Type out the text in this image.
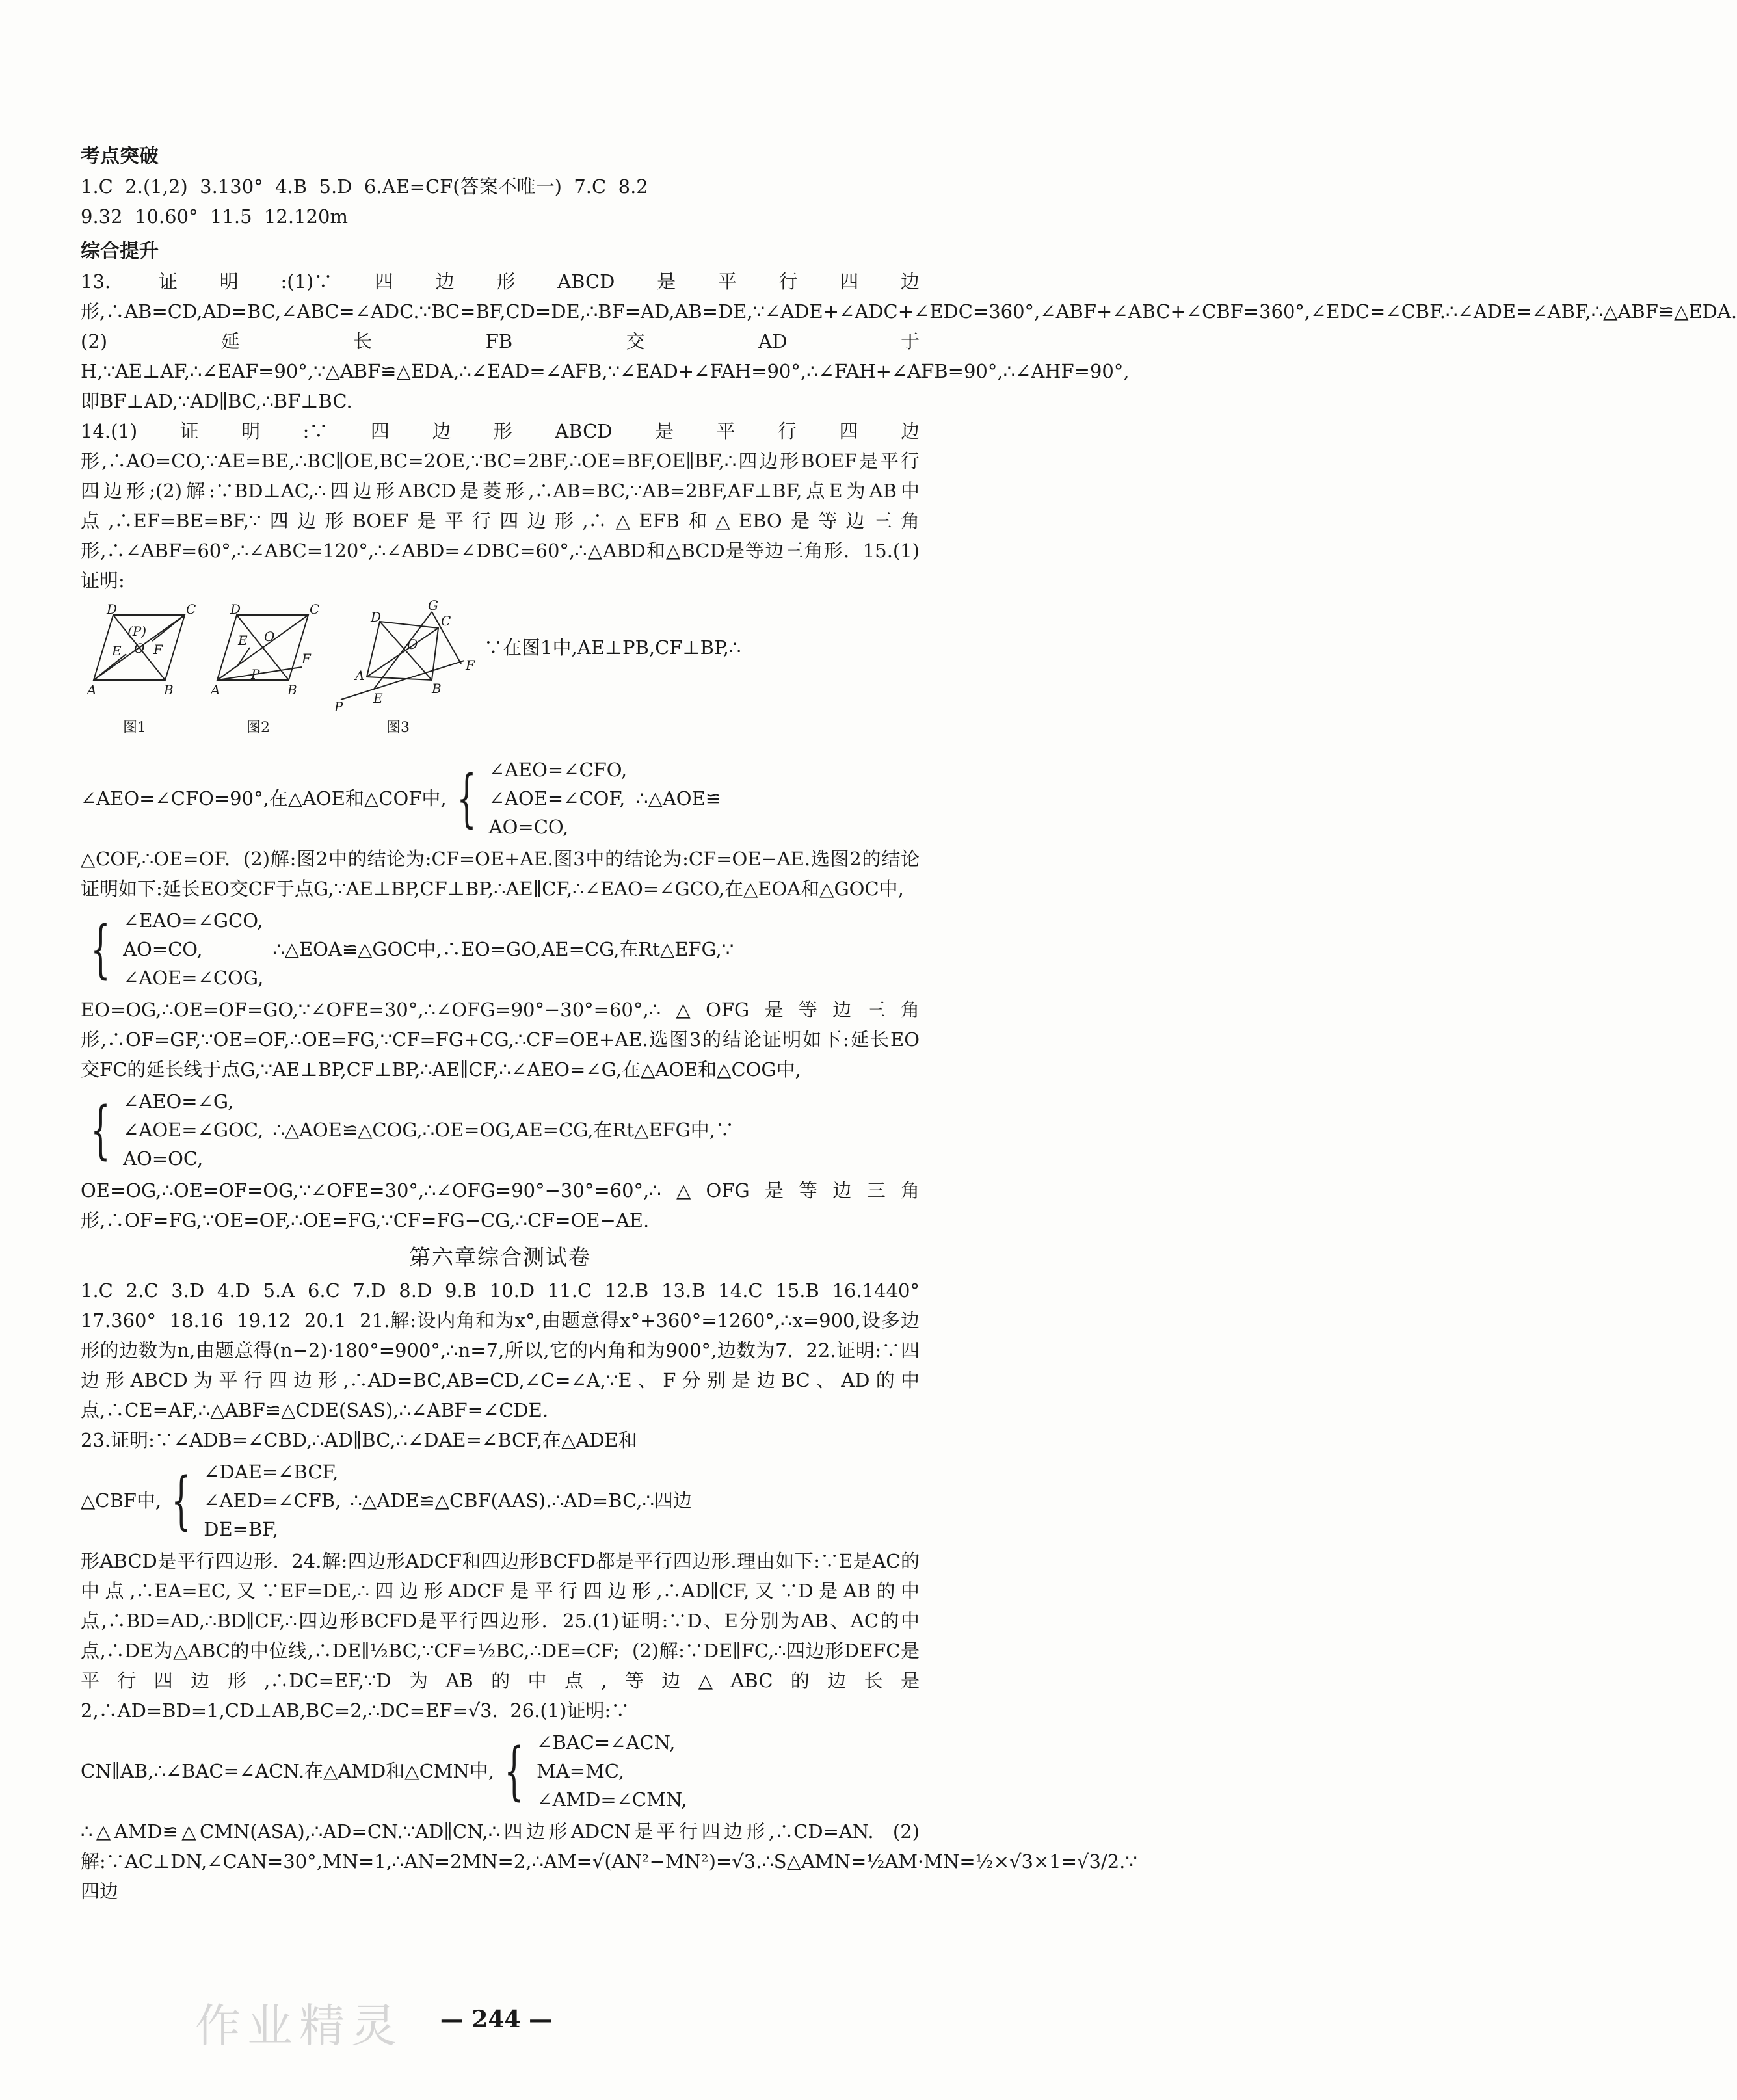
考点突破

1.C  2.(1,2)  3.130°  4.B  5.D  6.AE=CF(答案不唯一)  7.C  8.2

9.32  10.60°  11.5  12.120m

综合提升

13. 证明:(1)∵四边形ABCD是平行四边形,∴AB=CD,AD=BC,∠ABC=∠ADC.∵BC=BF,CD=DE,∴BF=AD,AB=DE,∵∠ADE+∠ADC+∠EDC=360°,∠ABF+∠ABC+∠CBF=360°,∠EDC=∠CBF.∴∠ADE=∠ABF,∴△ABF≌△EDA.  (2)延长FB交AD于H,∵AE⊥AF,∴∠EAF=90°,∵△ABF≌△EDA,∴∠EAD=∠AFB,∵∠EAD+∠FAH=90°,∴∠FAH+∠AFB=90°,∴∠AHF=90°,即BF⊥AD,∵AD∥BC,∴BF⊥BC.

14.(1)证明:∵四边形ABCD是平行四边形,∴AO=CO,∵AE=BE,∴BC∥OE,BC=2OE,∵BC=2BF,∴OE=BF,OE∥BF,∴四边形BOEF是平行四边形;(2)解:∵BD⊥AC,∴四边形ABCD是菱形,∴AB=BC,∵AB=2BF,AF⊥BF,点E为AB中点,∴EF=BE=BF,∵四边形BOEF是平行四边形,∴△EFB和△EBO是等边三角形,∴∠ABF=60°,∴∠ABC=120°,∴∠ABD=∠DBC=60°,∴△ABD和△BCD是等边三角形.  15.(1)证明:

D	C
E
(P)
O F
A	B
图1
D	C
E O
F
A
P
B
图2
G
C
D
O
A
B
F
E
P
图3
∵在图1中,AE⊥PB,CF⊥BP,∴
∠AEO=∠CFO=90°,在△AOE和△COF中, { ∠AEO=∠CFO,
∠AOE=∠COF,
AO=CO,
∴△AOE≌

△COF,∴OE=OF.  (2)解:图2中的结论为:CF=OE+AE.图3中的结论为:CF=OE−AE.选图2的结论证明如下:延长EO交CF于点G,∵AE⊥BP,CF⊥BP,∴AE∥CF,∴∠EAO=∠GCO,在△EOA和△GOC中,

{ ∠EAO=∠GCO,
AO=CO,
∠AOE=∠COG,
∴△EOA≌△GOC中,∴EO=GO,AE=CG,在Rt△EFG,∵

EO=OG,∴OE=OF=GO,∵∠OFE=30°,∴∠OFG=90°−30°=60°,∴△OFG是等边三角形,∴OF=GF,∵OE=OF,∴OE=FG,∵CF=FG+CG,∴CF=OE+AE.选图3的结论证明如下:延长EO交FC的延长线于点G,∵AE⊥BP,CF⊥BP,∴AE∥CF,∴∠AEO=∠G,在△AOE和△COG中,

{ ∠AEO=∠G,
∠AOE=∠GOC,
AO=OC,
∴△AOE≌△COG,∴OE=OG,AE=CG,在Rt△EFG中,∵

OE=OG,∴OE=OF=OG,∵∠OFE=30°,∴∠OFG=90°−30°=60°,∴△OFG是等边三角形,∴OF=FG,∵OE=OF,∴OE=FG,∵CF=FG−CG,∴CF=OE−AE.

第六章综合测试卷

1.C  2.C  3.D  4.D  5.A  6.C  7.D  8.D  9.B  10.D  11.C  12.B  13.B  14.C  15.B  16.1440°  17.360°  18.16  19.12  20.1  21.解:设内角和为x°,由题意得x°+360°=1260°,∴x=900,设多边形的边数为n,由题意得(n−2)·180°=900°,∴n=7,所以,它的内角和为900°,边数为7.  22.证明:∵四边形ABCD为平行四边形,∴AD=BC,AB=CD,∠C=∠A,∵E、F分别是边BC、AD的中点,∴CE=AF,∴△ABF≌△CDE(SAS),∴∠ABF=∠CDE.

23.证明:∵∠ADB=∠CBD,∴AD∥BC,∴∠DAE=∠BCF,在△ADE和

△CBF中, { ∠DAE=∠BCF,
∠AED=∠CFB,
DE=BF,
∴△ADE≌△CBF(AAS).∴AD=BC,∴四边

形ABCD是平行四边形.  24.解:四边形ADCF和四边形BCFD都是平行四边形.理由如下:∵E是AC的中点,∴EA=EC,又∵EF=DE,∴四边形ADCF是平行四边形,∴AD∥CF,又∵D是AB的中点,∴BD=AD,∴BD∥CF,∴四边形BCFD是平行四边形.  25.(1)证明:∵D、E分别为AB、AC的中点,∴DE为△ABC的中位线,∴DE∥½BC,∵CF=½BC,∴DE=CF;  (2)解:∵DE∥FC,∴四边形DEFC是平行四边形,∴DC=EF,∵D为AB的中点,等边△ABC的边长是2,∴AD=BD=1,CD⊥AB,BC=2,∴DC=EF=√3.  26.(1)证明:∵

CN∥AB,∴∠BAC=∠ACN.在△AMD和△CMN中, { ∠BAC=∠ACN,
MA=MC,
∠AMD=∠CMN,

∴△AMD≌△CMN(ASA),∴AD=CN.∵AD∥CN,∴四边形ADCN是平行四边形,∴CD=AN.  (2)解:∵AC⊥DN,∠CAN=30°,MN=1,∴AN=2MN=2,∴AM=√(AN²−MN²)=√3.∴S△AMN=½AM·MN=½×√3×1=√3/2.∵四边

作业精灵	— 244 —
